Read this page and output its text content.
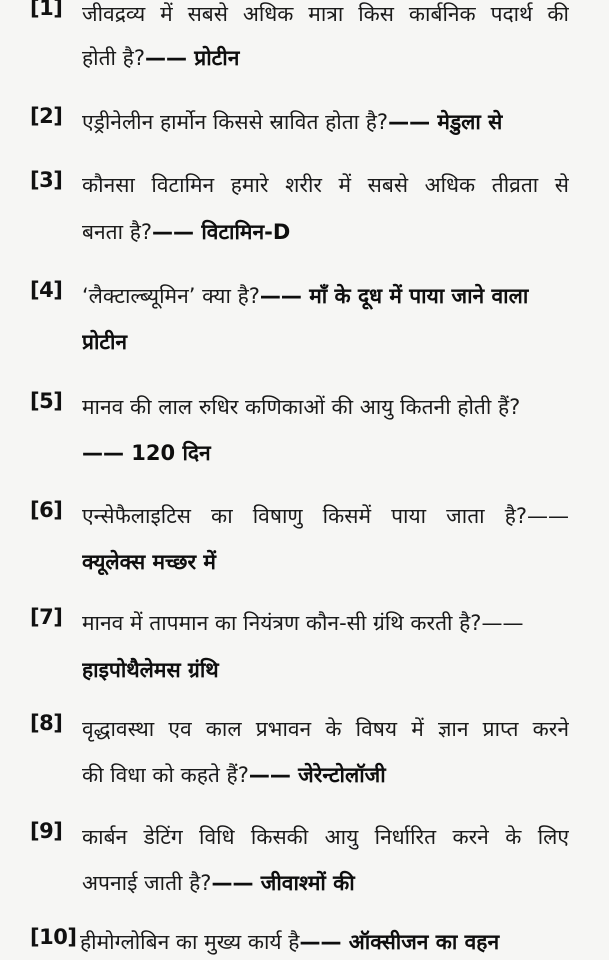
[1] जीवद्रव्य में सबसे अधिक मात्रा किस कार्बनिक पदार्थ की
होती है?—— प्रोटीन
[2] एड्रीनेलीन हार्मोन किससे स्रावित होता है?—— मेडुला से
[3] कौनसा विटामिन हमारे शरीर में सबसे अधिक तीव्रता से
बनता है?—— विटामिन-D
[4] ‘लैक्टाल्ब्यूमिन’ क्या है?—— माँ के दूध में पाया जाने वाला
प्रोटीन
[5] मानव की लाल रुधिर कणिकाओं की आयु कितनी होती हैं?
—— 120 दिन
[6] एन्सेफैलाइटिस का विषाणु किसमें पाया जाता है?——
क्यूलेक्स मच्छर में
[7] मानव में तापमान का नियंत्रण कौन-सी ग्रंथि करती है?——
हाइपोथैलेमस ग्रंथि
[8] वृद्धावस्था एव काल प्रभावन के विषय में ज्ञान प्राप्त करने
की विधा को कहते हैं?—— जेरेन्टोलॉजी
[9] कार्बन डेटिंग विधि किसकी आयु निर्धारित करने के लिए
अपनाई जाती है?—— जीवाश्मों की
[10] हीमोग्लोबिन का मुख्य कार्य है—— ऑक्सीजन का वहन
